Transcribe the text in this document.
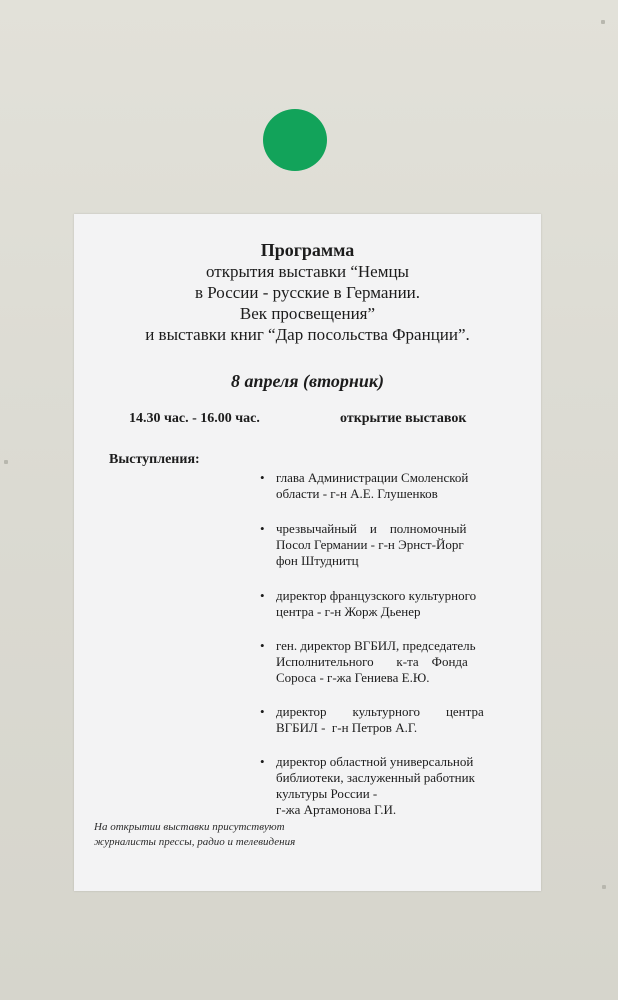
Программа
открытия выставки “Немцы
в России - русские в Германии.
Век просвещения”
и выставки книг “Дар посольства Франции”.
8 апреля (вторник)
14.30 час. - 16.00 час.	открытие выставок
Выступления:
• глава Администрации Смоленской
области - г-н А.Е. Глушенков
• чрезвычайный    и    полномочный
Посол Германии - г-н Эрнст-Йорг
фон Штуднитц
• директор французского культурного
центра - г-н Жорж Дьенер
• ген. директор ВГБИЛ, председатель
Исполнительного       к-та    Фонда
Сороса - г-жа Гениева Е.Ю.
• директор        культурного        центра
ВГБИЛ -  г-н Петров А.Г.
• директор областной универсальной
библиотеки, заслуженный работник
культуры России -
г-жа Артамонова Г.И.
На открытии выставки присутствуют
журналисты прессы, радио и телевидения
